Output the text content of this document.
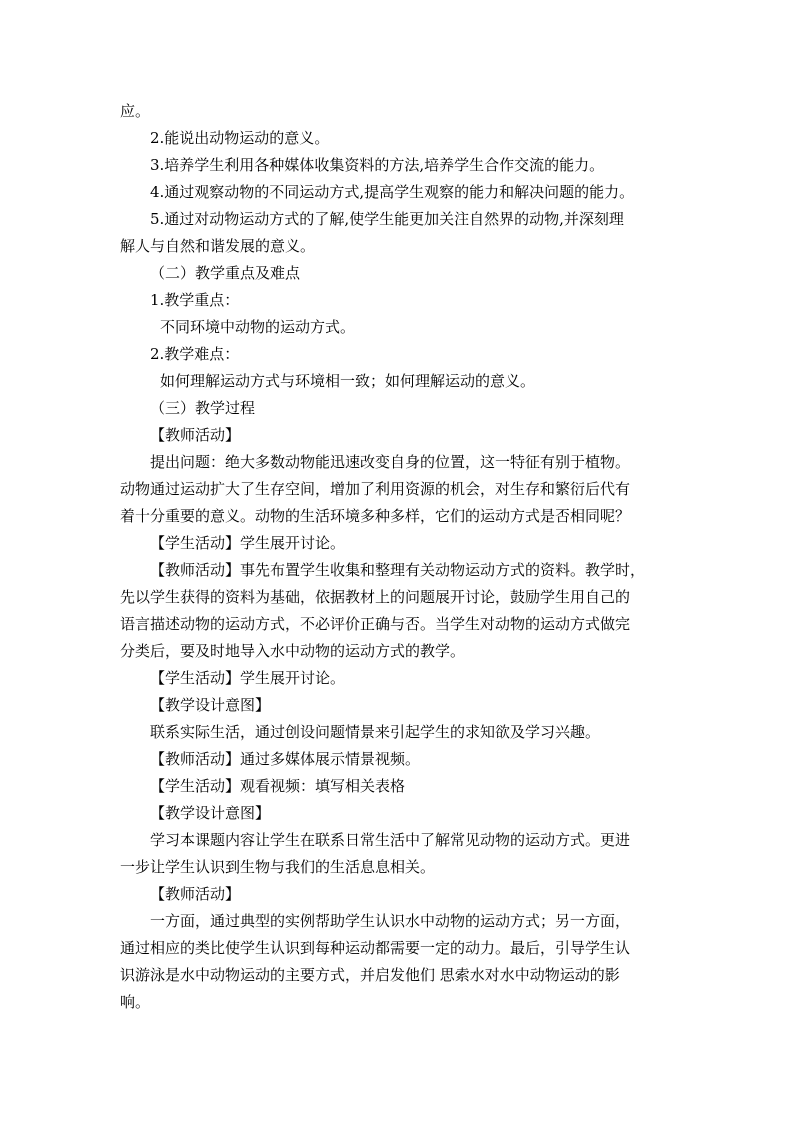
应。
2.能说出动物运动的意义。
3.培养学生利用各种媒体收集资料的方法,培养学生合作交流的能力。
4.通过观察动物的不同运动方式,提高学生观察的能力和解决问题的能力。
5.通过对动物运动方式的了解,使学生能更加关注自然界的动物,并深刻理
解人与自然和谐发展的意义。
（二）教学重点及难点
1.教学重点：
不同环境中动物的运动方式。
2.教学难点：
如何理解运动方式与环境相一致；如何理解运动的意义。
（三）教学过程
【教师活动】
提出问题：绝大多数动物能迅速改变自身的位置，这一特征有别于植物。
动物通过运动扩大了生存空间，增加了利用资源的机会，对生存和繁衍后代有
着十分重要的意义。动物的生活环境多种多样，它们的运动方式是否相同呢？
【学生活动】学生展开讨论。
【教师活动】事先布置学生收集和整理有关动物运动方式的资料。教学时，
先以学生获得的资料为基础，依据教材上的问题展开讨论，鼓励学生用自己的
语言描述动物的运动方式，不必评价正确与否。当学生对动物的运动方式做完
分类后，要及时地导入水中动物的运动方式的教学。
【学生活动】学生展开讨论。
【教学设计意图】
联系实际生活，通过创设问题情景来引起学生的求知欲及学习兴趣。
【教师活动】通过多媒体展示情景视频。
【学生活动】观看视频：填写相关表格
【教学设计意图】
学习本课题内容让学生在联系日常生活中了解常见动物的运动方式。更进
一步让学生认识到生物与我们的生活息息相关。
【教师活动】
一方面，通过典型的实例帮助学生认识水中动物的运动方式；另一方面，
通过相应的类比使学生认识到每种运动都需要一定的动力。最后，引导学生认
识游泳是水中动物运动的主要方式，并启发他们 思索水对水中动物运动的影
响。
